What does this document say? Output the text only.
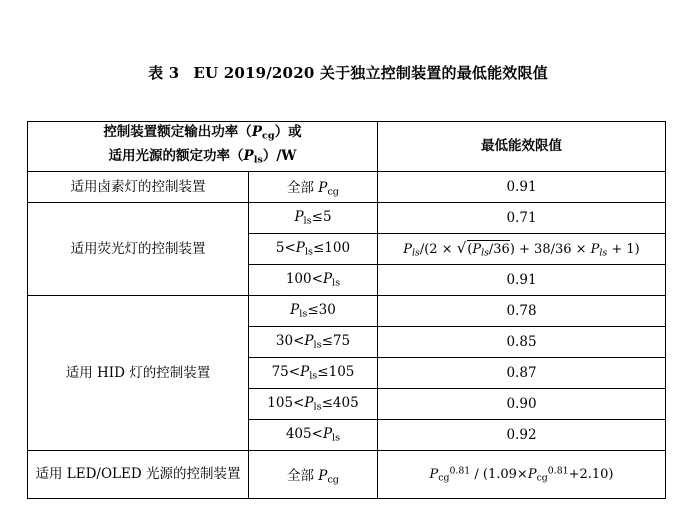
表 3 EU 2019/2020 关于独立控制装置的最低能效限值
控制装置额定输出功率$(P_{cg})$或
适用光源的额定功率$(P_{ls})/W$		最低能效限值
适用卤素灯的控制装置	全部 $P_{cg}$	0.91
适用荧光灯的控制装置	$P_{ls}\le 5$	0.71
	$5<P_{ls}\le 100$	$P_{ls}/(2 \times √(P_{ls}/36) + 38/36 \times P_{ls} + 1)$
	$100<P_{ls}$	0.91
适用 HID 灯的控制装置	$P_{ls}\le 30$	0.78
	$30<P_{ls}\le 75$	0.85
	$75<P_{ls}\le 105$	0.87
	$105<P_{ls}\le 405$	0.90
	$405<P_{ls}$	0.92
适用 LED/OLED 光源的控制装置	全部 $P_{cg}$	$P_{cg}^{0.81} / (1.09\times P_{cg}^{0.81}+2.10)$
